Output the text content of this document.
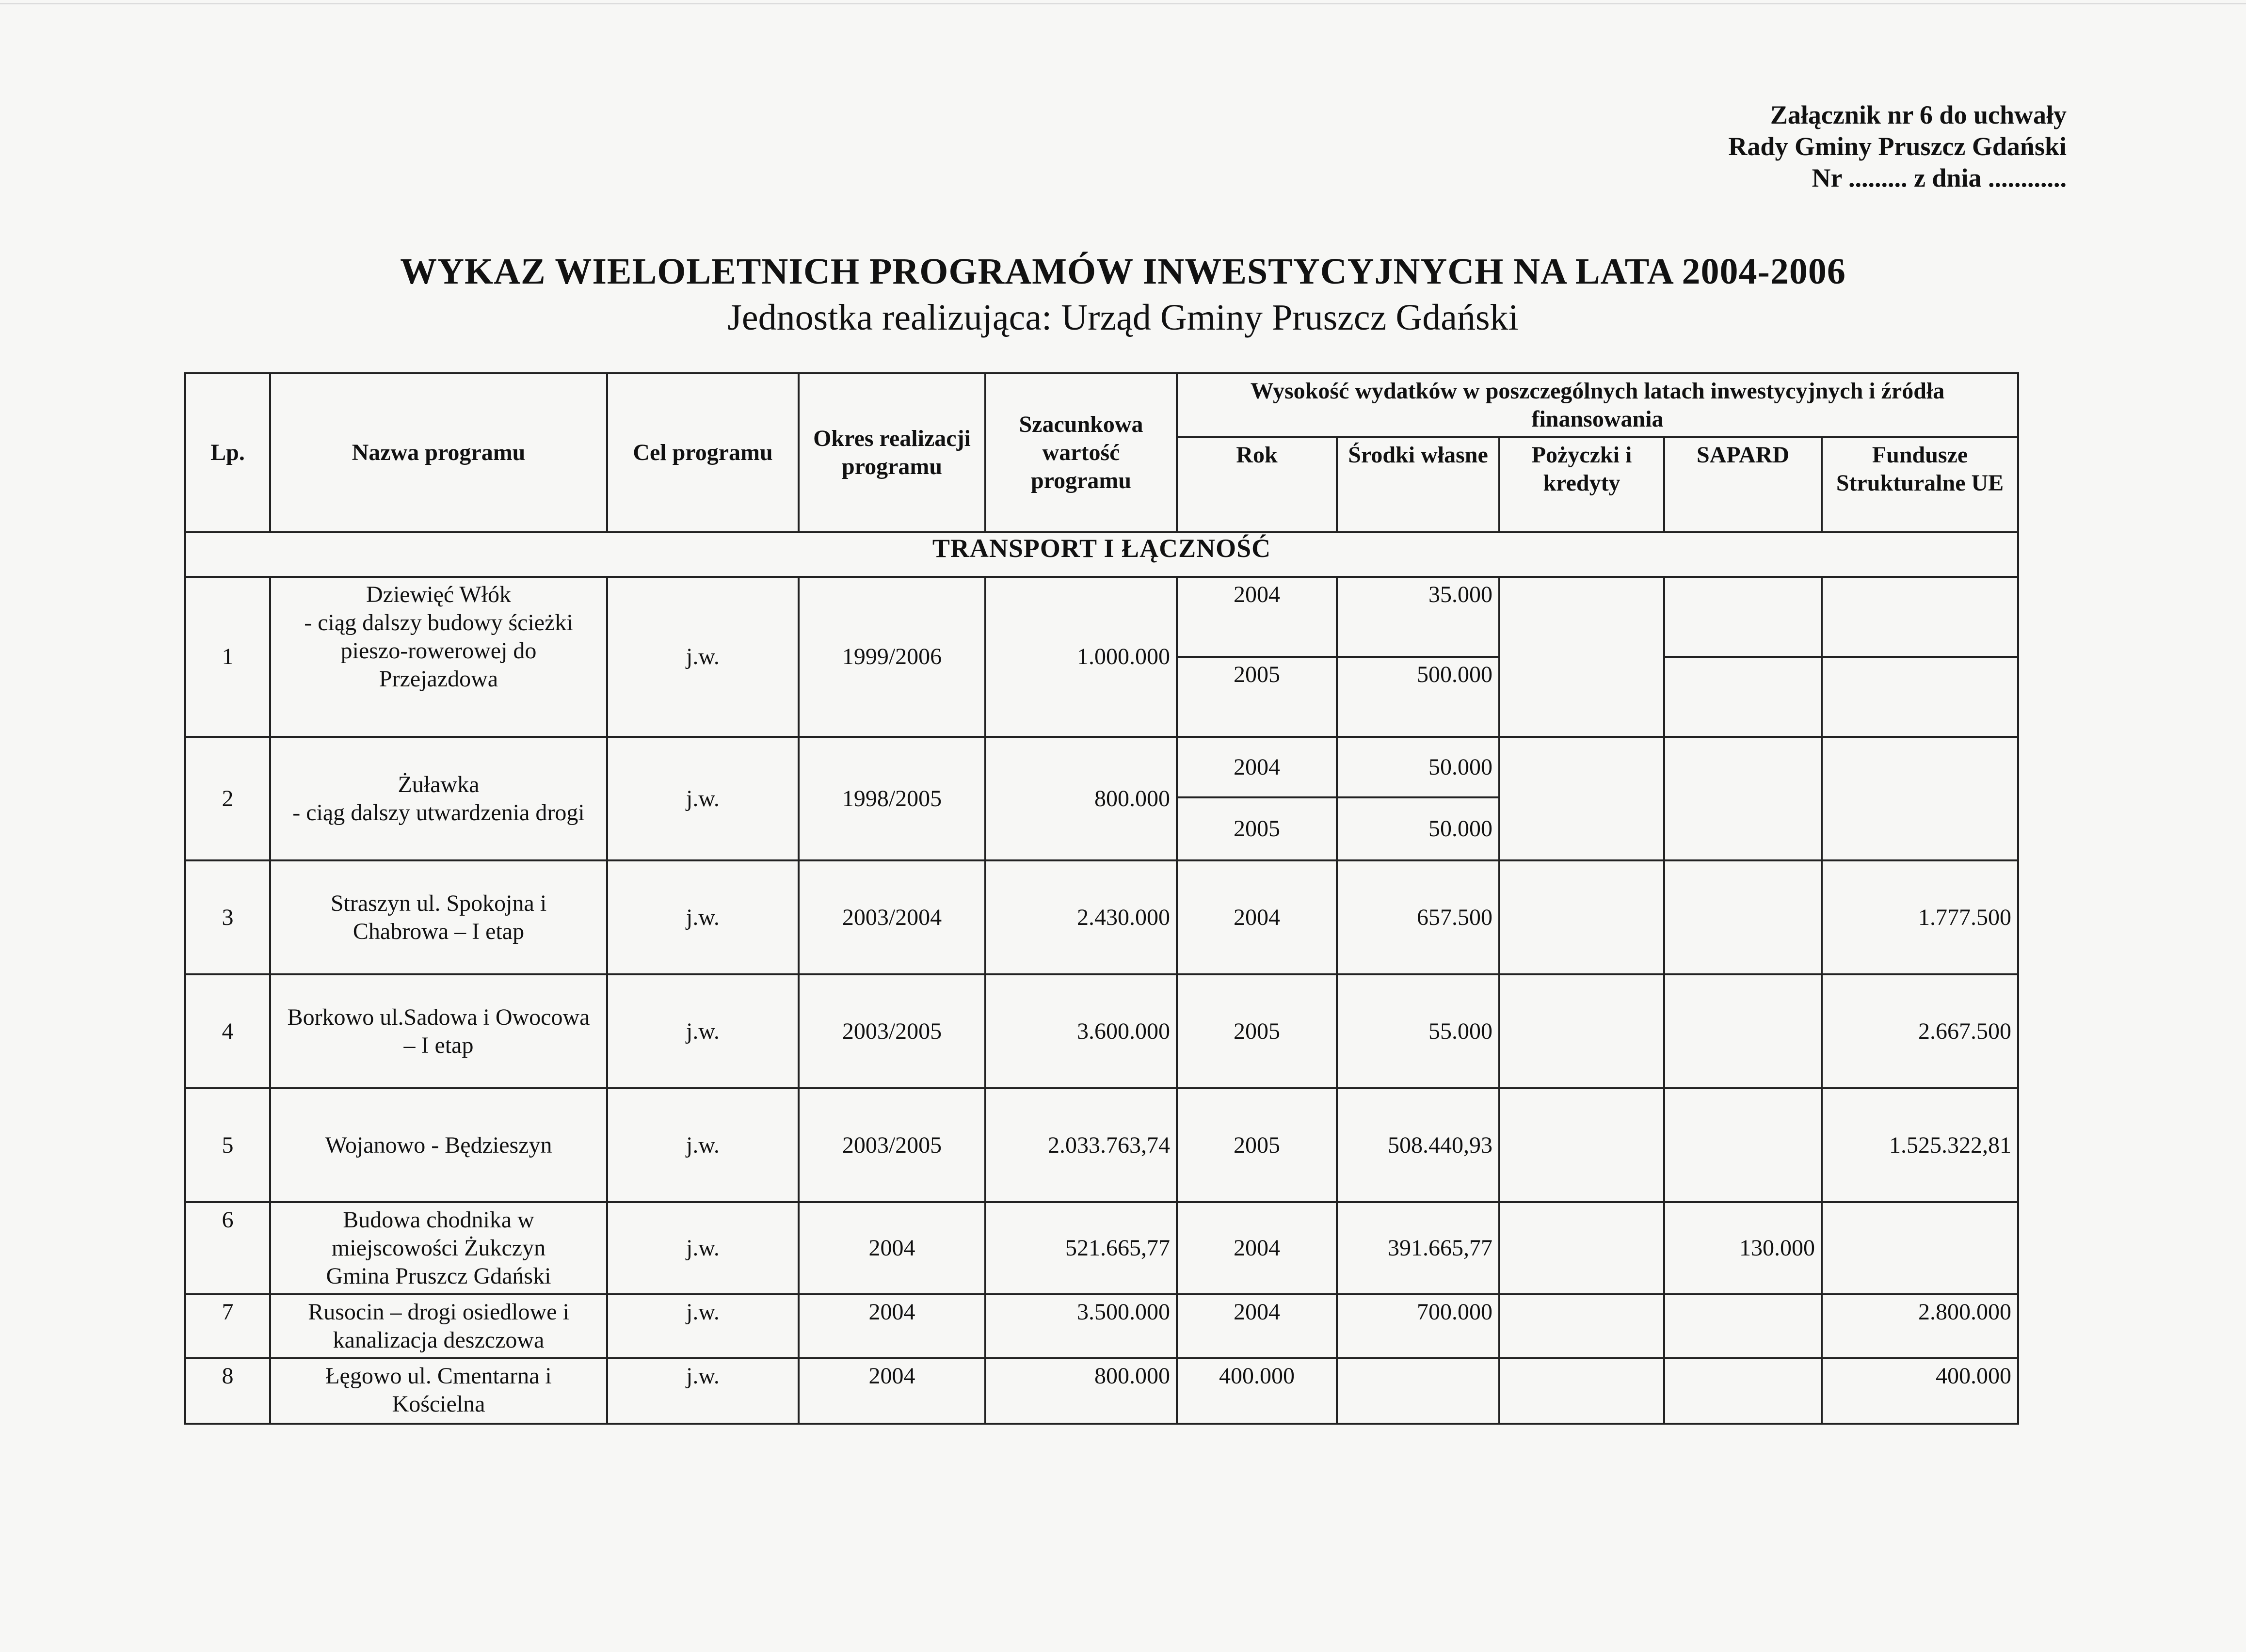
Załącznik nr 6 do uchwały
Rady Gminy Pruszcz Gdański
Nr ......... z dnia ............
WYKAZ WIELOLETNICH PROGRAMÓW INWESTYCYJNYCH NA LATA 2004-2006
Jednostka realizująca: Urząd Gminy Pruszcz Gdański
Lp.	Nazwa programu	Cel programu	Okres realizacji programu	Szacunkowa wartość programu	Wysokość wydatków w poszczególnych latach inwestycyjnych i źródła finansowania				
					Rok	Środki własne	Pożyczki i kredyty	SAPARD	Fundusze Strukturalne UE
TRANSPORT I ŁĄCZNOŚĆ									
1	Dziewięć Włók
- ciąg dalszy budowy ścieżki
pieszo-rowerowej do
Przejazdowa	j.w.	1999/2006	1.000.000	2004	35.000			
					2005	500.000			
2	Żuławka
- ciąg dalszy utwardzenia drogi	j.w.	1998/2005	800.000	2004	50.000			
					2005	50.000			
3	Straszyn ul. Spokojna i
Chabrowa – I etap	j.w.	2003/2004	2.430.000	2004	657.500			1.777.500
4	Borkowo ul.Sadowa i Owocowa
– I etap	j.w.	2003/2005	3.600.000	2005	55.000			2.667.500
5	Wojanowo - Będzieszyn	j.w.	2003/2005	2.033.763,74	2005	508.440,93			1.525.322,81
6	Budowa chodnika w
miejscowości Żukczyn
Gmina Pruszcz Gdański	j.w.	2004	521.665,77	2004	391.665,77		130.000	
7	Rusocin – drogi osiedlowe i
kanalizacja deszczowa	j.w.	2004	3.500.000	2004	700.000			2.800.000
8	Łęgowo ul. Cmentarna i
Kościelna	j.w.	2004	800.000	400.000				400.000
